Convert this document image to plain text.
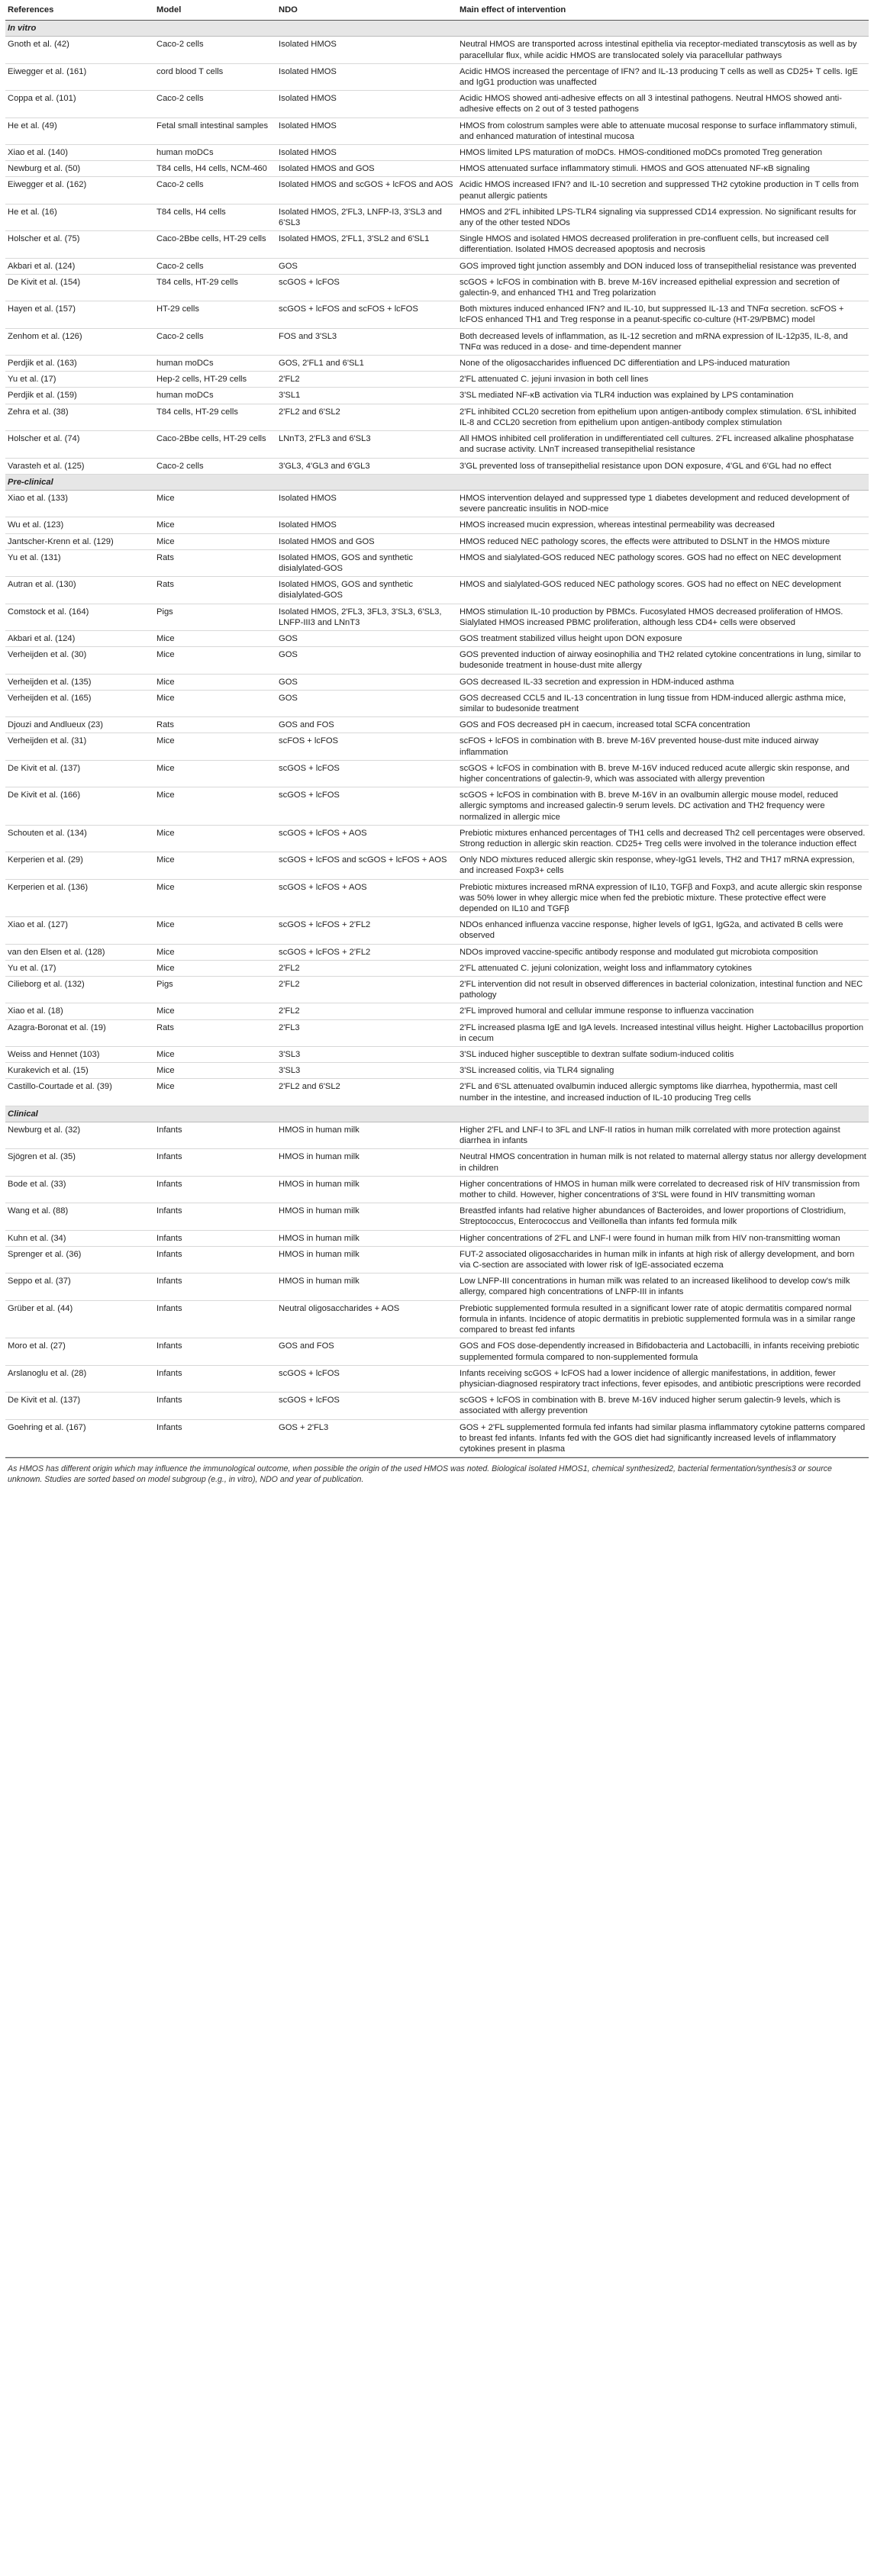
References	Model	NDO	Main effect of intervention
In vitro			
Gnoth et al. (42)	Caco-2 cells	Isolated HMOS	Neutral HMOS are transported across intestinal epithelia via receptor-mediated transcytosis as well as by paracellular flux, while acidic HMOS are translocated solely via paracellular pathways
Eiwegger et al. (161)	cord blood T cells	Isolated HMOS	Acidic HMOS increased the percentage of IFN? and IL-13 producing T cells as well as CD25+ T cells. IgE and IgG1 production was unaffected
Coppa et al. (101)	Caco-2 cells	Isolated HMOS	Acidic HMOS showed anti-adhesive effects on all 3 intestinal pathogens. Neutral HMOS showed anti-adhesive effects on 2 out of 3 tested pathogens
He et al. (49)	Fetal small intestinal samples	Isolated HMOS	HMOS from colostrum samples were able to attenuate mucosal response to surface inflammatory stimuli, and enhanced maturation of intestinal mucosa
Xiao et al. (140)	human moDCs	Isolated HMOS	HMOS limited LPS maturation of moDCs. HMOS-conditioned moDCs promoted Treg generation
Newburg et al. (50)	T84 cells, H4 cells, NCM-460	Isolated HMOS and GOS	HMOS attenuated surface inflammatory stimuli. HMOS and GOS attenuated NF-κB signaling
Eiwegger et al. (162)	Caco-2 cells	Isolated HMOS and scGOS + lcFOS and AOS	Acidic HMOS increased IFN? and IL-10 secretion and suppressed TH2 cytokine production in T cells from peanut allergic patients
He et al. (16)	T84 cells, H4 cells	Isolated HMOS, 2'FL3, LNFP-I3, 3'SL3 and 6'SL3	HMOS and 2'FL inhibited LPS-TLR4 signaling via suppressed CD14 expression. No significant results for any of the other tested NDOs
Holscher et al. (75)	Caco-2Bbe cells, HT-29 cells	Isolated HMOS, 2'FL1, 3'SL2 and 6'SL1	Single HMOS and isolated HMOS decreased proliferation in pre-confluent cells, but increased cell differentiation. Isolated HMOS decreased apoptosis and necrosis
Akbari et al. (124)	Caco-2 cells	GOS	GOS improved tight junction assembly and DON induced loss of transepithelial resistance was prevented
De Kivit et al. (154)	T84 cells, HT-29 cells	scGOS + lcFOS	scGOS + lcFOS in combination with B. breve M-16V increased epithelial expression and secretion of galectin-9, and enhanced TH1 and Treg polarization
Hayen et al. (157)	HT-29 cells	scGOS + lcFOS and scFOS + lcFOS	Both mixtures induced enhanced IFN? and IL-10, but suppressed IL-13 and TNFα secretion. scFOS + lcFOS enhanced TH1 and Treg response in a peanut-specific co-culture (HT-29/PBMC) model
Zenhom et al. (126)	Caco-2 cells	FOS and 3'SL3	Both decreased levels of inflammation, as IL-12 secretion and mRNA expression of IL-12p35, IL-8, and TNFα was reduced in a dose- and time-dependent manner
Perdjik et al. (163)	human moDCs	GOS, 2'FL1 and 6'SL1	None of the oligosaccharides influenced DC differentiation and LPS-induced maturation
Yu et al. (17)	Hep-2 cells, HT-29 cells	2'FL2	2'FL attenuated C. jejuni invasion in both cell lines
Perdjik et al. (159)	human moDCs	3'SL1	3'SL mediated NF-κB activation via TLR4 induction was explained by LPS contamination
Zehra et al. (38)	T84 cells, HT-29 cells	2'FL2 and 6'SL2	2'FL inhibited CCL20 secretion from epithelium upon antigen-antibody complex stimulation. 6'SL inhibited IL-8 and CCL20 secretion from epithelium upon antigen-antibody complex stimulation
Holscher et al. (74)	Caco-2Bbe cells, HT-29 cells	LNnT3, 2'FL3 and 6'SL3	All HMOS inhibited cell proliferation in undifferentiated cell cultures. 2'FL increased alkaline phosphatase and sucrase activity. LNnT increased transepithelial resistance
Varasteh et al. (125)	Caco-2 cells	3'GL3, 4'GL3 and 6'GL3	3'GL prevented loss of transepithelial resistance upon DON exposure, 4'GL and 6'GL had no effect
Pre-clinical			
Xiao et al. (133)	Mice	Isolated HMOS	HMOS intervention delayed and suppressed type 1 diabetes development and reduced development of severe pancreatic insulitis in NOD-mice
Wu et al. (123)	Mice	Isolated HMOS	HMOS increased mucin expression, whereas intestinal permeability was decreased
Jantscher-Krenn et al. (129)	Mice	Isolated HMOS and GOS	HMOS reduced NEC pathology scores, the effects were attributed to DSLNT in the HMOS mixture
Yu et al. (131)	Rats	Isolated HMOS, GOS and synthetic disialylated-GOS	HMOS and sialylated-GOS reduced NEC pathology scores. GOS had no effect on NEC development
Autran et al. (130)	Rats	Isolated HMOS, GOS and synthetic disialylated-GOS	HMOS and sialylated-GOS reduced NEC pathology scores. GOS had no effect on NEC development
Comstock et al. (164)	Pigs	Isolated HMOS, 2'FL3, 3FL3, 3'SL3, 6'SL3, LNFP-III3 and LNnT3	HMOS stimulation IL-10 production by PBMCs. Fucosylated HMOS decreased proliferation of HMOS. Sialylated HMOS increased PBMC proliferation, although less CD4+ cells were observed
Akbari et al. (124)	Mice	GOS	GOS treatment stabilized villus height upon DON exposure
Verheijden et al. (30)	Mice	GOS	GOS prevented induction of airway eosinophilia and TH2 related cytokine concentrations in lung, similar to budesonide treatment in house-dust mite allergy
Verheijden et al. (135)	Mice	GOS	GOS decreased IL-33 secretion and expression in HDM-induced asthma
Verheijden et al. (165)	Mice	GOS	GOS decreased CCL5 and IL-13 concentration in lung tissue from HDM-induced allergic asthma mice, similar to budesonide treatment
Djouzi and Andlueux (23)	Rats	GOS and FOS	GOS and FOS decreased pH in caecum, increased total SCFA concentration
Verheijden et al. (31)	Mice	scFOS + lcFOS	scFOS + lcFOS in combination with B. breve M-16V prevented house-dust mite induced airway inflammation
De Kivit et al. (137)	Mice	scGOS + lcFOS	scGOS + lcFOS in combination with B. breve M-16V induced reduced acute allergic skin response, and higher concentrations of galectin-9, which was associated with allergy prevention
De Kivit et al. (166)	Mice	scGOS + lcFOS	scGOS + lcFOS in combination with B. breve M-16V in an ovalbumin allergic mouse model, reduced allergic symptoms and increased galectin-9 serum levels. DC activation and TH2 frequency were normalized in allergic mice
Schouten et al. (134)	Mice	scGOS + lcFOS + AOS	Prebiotic mixtures enhanced percentages of TH1 cells and decreased Th2 cell percentages were observed. Strong reduction in allergic skin reaction. CD25+ Treg cells were involved in the tolerance induction effect
Kerperien et al. (29)	Mice	scGOS + lcFOS and scGOS + lcFOS + AOS	Only NDO mixtures reduced allergic skin response, whey-IgG1 levels, TH2 and TH17 mRNA expression, and increased Foxp3+ cells
Kerperien et al. (136)	Mice	scGOS + lcFOS + AOS	Prebiotic mixtures increased mRNA expression of IL10, TGFβ and Foxp3, and acute allergic skin response was 50% lower in whey allergic mice when fed the prebiotic mixture. These protective effect were depended on IL10 and TGFβ
Xiao et al. (127)	Mice	scGOS + lcFOS + 2'FL2	NDOs enhanced influenza vaccine response, higher levels of IgG1, IgG2a, and activated B cells were observed
van den Elsen et al. (128)	Mice	scGOS + lcFOS + 2'FL2	NDOs improved vaccine-specific antibody response and modulated gut microbiota composition
Yu et al. (17)	Mice	2'FL2	2'FL attenuated C. jejuni colonization, weight loss and inflammatory cytokines
Cilieborg et al. (132)	Pigs	2'FL2	2'FL intervention did not result in observed differences in bacterial colonization, intestinal function and NEC pathology
Xiao et al. (18)	Mice	2'FL2	2'FL improved humoral and cellular immune response to influenza vaccination
Azagra-Boronat et al. (19)	Rats	2'FL3	2'FL increased plasma IgE and IgA levels. Increased intestinal villus height. Higher Lactobacillus proportion in cecum
Weiss and Hennet (103)	Mice	3'SL3	3'SL induced higher susceptible to dextran sulfate sodium-induced colitis
Kurakevich et al. (15)	Mice	3'SL3	3'SL increased colitis, via TLR4 signaling
Castillo-Courtade et al. (39)	Mice	2'FL2 and 6'SL2	2'FL and 6'SL attenuated ovalbumin induced allergic symptoms like diarrhea, hypothermia, mast cell number in the intestine, and increased induction of IL-10 producing Treg cells
Clinical			
Newburg et al. (32)	Infants	HMOS in human milk	Higher 2'FL and LNF-I to 3FL and LNF-II ratios in human milk correlated with more protection against diarrhea in infants
Sjögren et al. (35)	Infants	HMOS in human milk	Neutral HMOS concentration in human milk is not related to maternal allergy status nor allergy development in children
Bode et al. (33)	Infants	HMOS in human milk	Higher concentrations of HMOS in human milk were correlated to decreased risk of HIV transmission from mother to child. However, higher concentrations of 3'SL were found in HIV transmitting woman
Wang et al. (88)	Infants	HMOS in human milk	Breastfed infants had relative higher abundances of Bacteroides, and lower proportions of Clostridium, Streptococcus, Enterococcus and Veillonella than infants fed formula milk
Kuhn et al. (34)	Infants	HMOS in human milk	Higher concentrations of 2'FL and LNF-I were found in human milk from HIV non-transmitting woman
Sprenger et al. (36)	Infants	HMOS in human milk	FUT-2 associated oligosaccharides in human milk in infants at high risk of allergy development, and born via C-section are associated with lower risk of IgE-associated eczema
Seppo et al. (37)	Infants	HMOS in human milk	Low LNFP-III concentrations in human milk was related to an increased likelihood to develop cow's milk allergy, compared high concentrations of LNFP-III in infants
Grüber et al. (44)	Infants	Neutral oligosaccharides + AOS	Prebiotic supplemented formula resulted in a significant lower rate of atopic dermatitis compared normal formula in infants. Incidence of atopic dermatitis in prebiotic supplemented formula was in a similar range compared to breast fed infants
Moro et al. (27)	Infants	GOS and FOS	GOS and FOS dose-dependently increased in Bifidobacteria and Lactobacilli, in infants receiving prebiotic supplemented formula compared to non-supplemented formula
Arslanoglu et al. (28)	Infants	scGOS + lcFOS	Infants receiving scGOS + lcFOS had a lower incidence of allergic manifestations, in addition, fewer physician-diagnosed respiratory tract infections, fever episodes, and antibiotic prescriptions were recorded
De Kivit et al. (137)	Infants	scGOS + lcFOS	scGOS + lcFOS in combination with B. breve M-16V induced higher serum galectin-9 levels, which is associated with allergy prevention
Goehring et al. (167)	Infants	GOS + 2'FL3	GOS + 2'FL supplemented formula fed infants had similar plasma inflammatory cytokine patterns compared to breast fed infants. Infants fed with the GOS diet had significantly increased levels of inflammatory cytokines present in plasma
As HMOS has different origin which may influence the immunological outcome, when possible the origin of the used HMOS was noted. Biological isolated HMOS1, chemical synthesized2, bacterial fermentation/synthesis3 or source unknown. Studies are sorted based on model subgroup (e.g., in vitro), NDO and year of publication.
